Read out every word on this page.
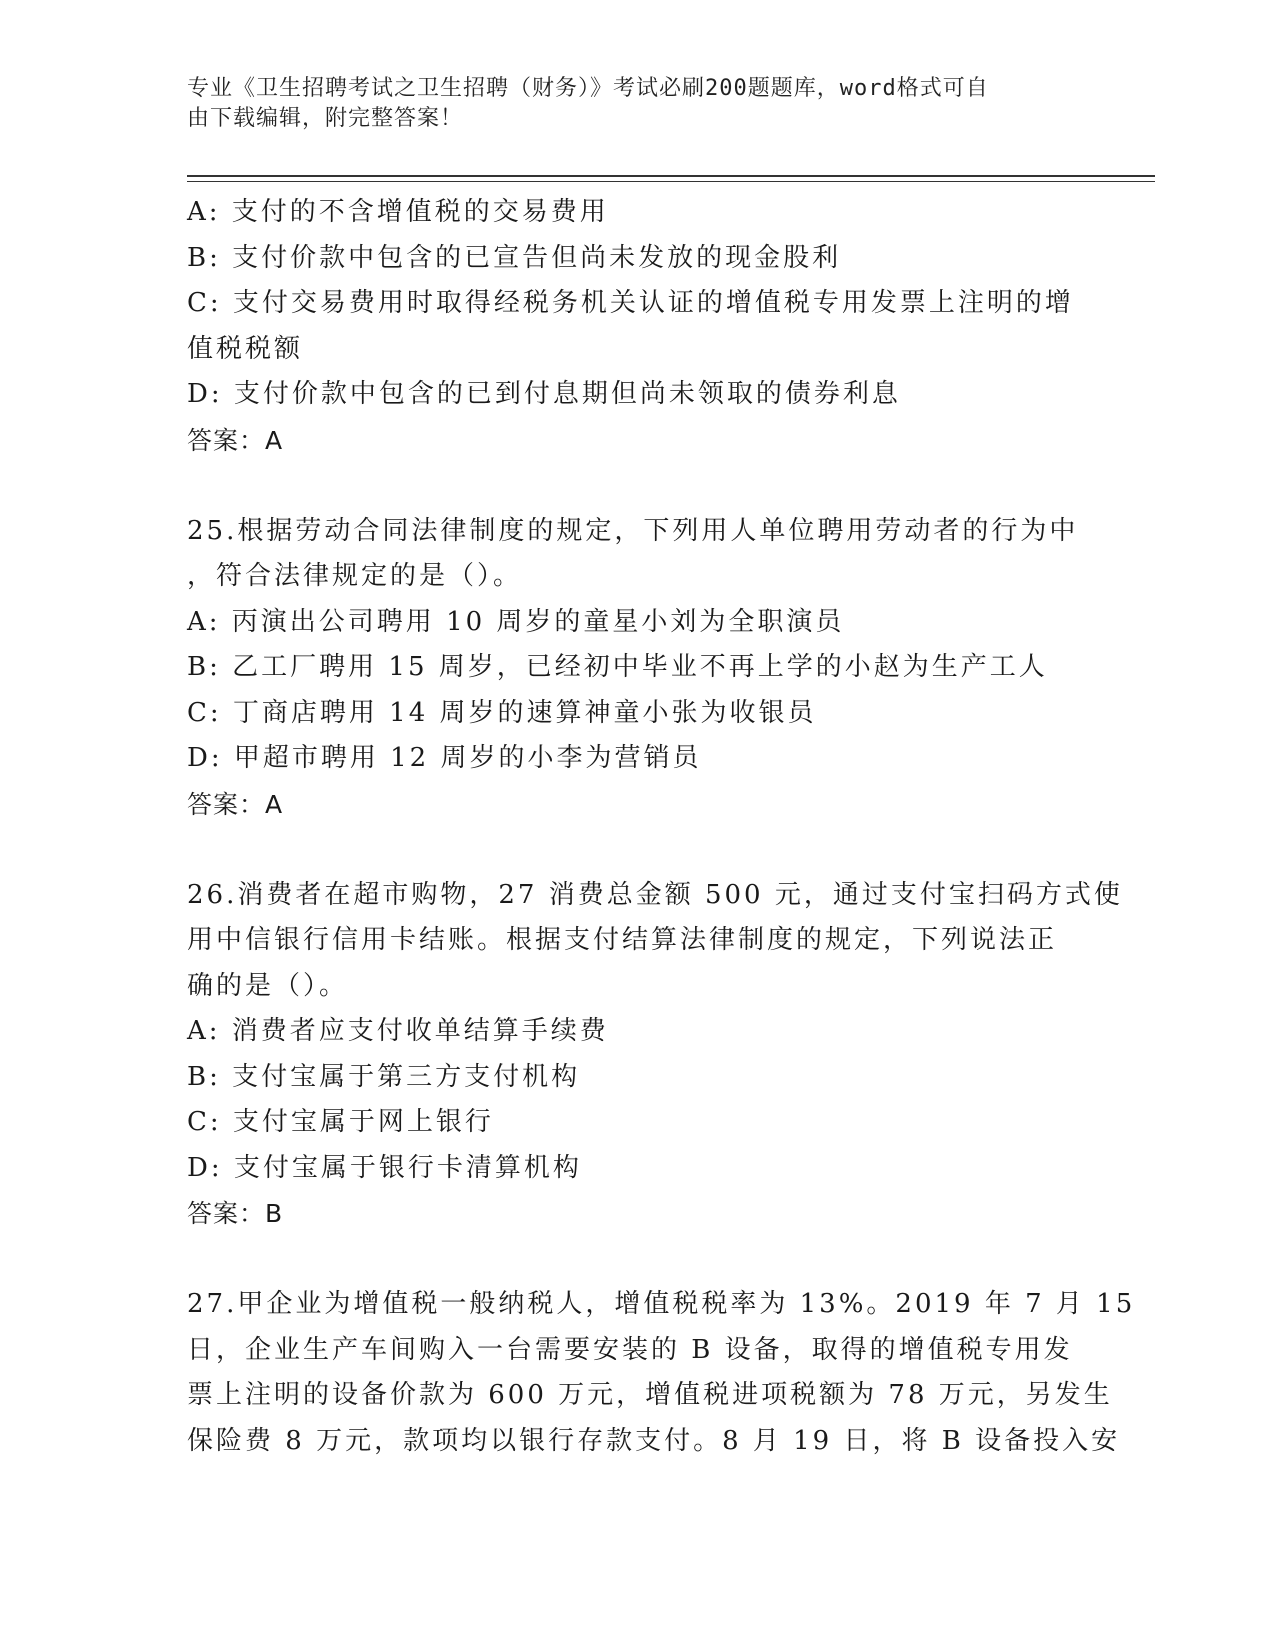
专业《卫生招聘考试之卫生招聘（财务）》考试必刷200题题库，word格式可自
由下载编辑，附完整答案！
A: 支付的不含增值税的交易费用
B: 支付价款中包含的已宣告但尚未发放的现金股利
C: 支付交易费用时取得经税务机关认证的增值税专用发票上注明的增
值税税额
D: 支付价款中包含的已到付息期但尚未领取的债券利息
答案：A
25.根据劳动合同法律制度的规定，下列用人单位聘用劳动者的行为中
，符合法律规定的是（）。
A: 丙演出公司聘用 10 周岁的童星小刘为全职演员
B: 乙工厂聘用 15 周岁，已经初中毕业不再上学的小赵为生产工人
C: 丁商店聘用 14 周岁的速算神童小张为收银员
D: 甲超市聘用 12 周岁的小李为营销员
答案：A
26.消费者在超市购物，27 消费总金额 500 元，通过支付宝扫码方式使
用中信银行信用卡结账。根据支付结算法律制度的规定，下列说法正
确的是（）。
A: 消费者应支付收单结算手续费
B: 支付宝属于第三方支付机构
C: 支付宝属于网上银行
D: 支付宝属于银行卡清算机构
答案：B
27.甲企业为增值税一般纳税人，增值税税率为 13%。2019 年 7 月 15
日，企业生产车间购入一台需要安装的 B 设备，取得的增值税专用发
票上注明的设备价款为 600 万元，增值税进项税额为 78 万元，另发生
保险费 8 万元，款项均以银行存款支付。8 月 19 日，将 B 设备投入安
